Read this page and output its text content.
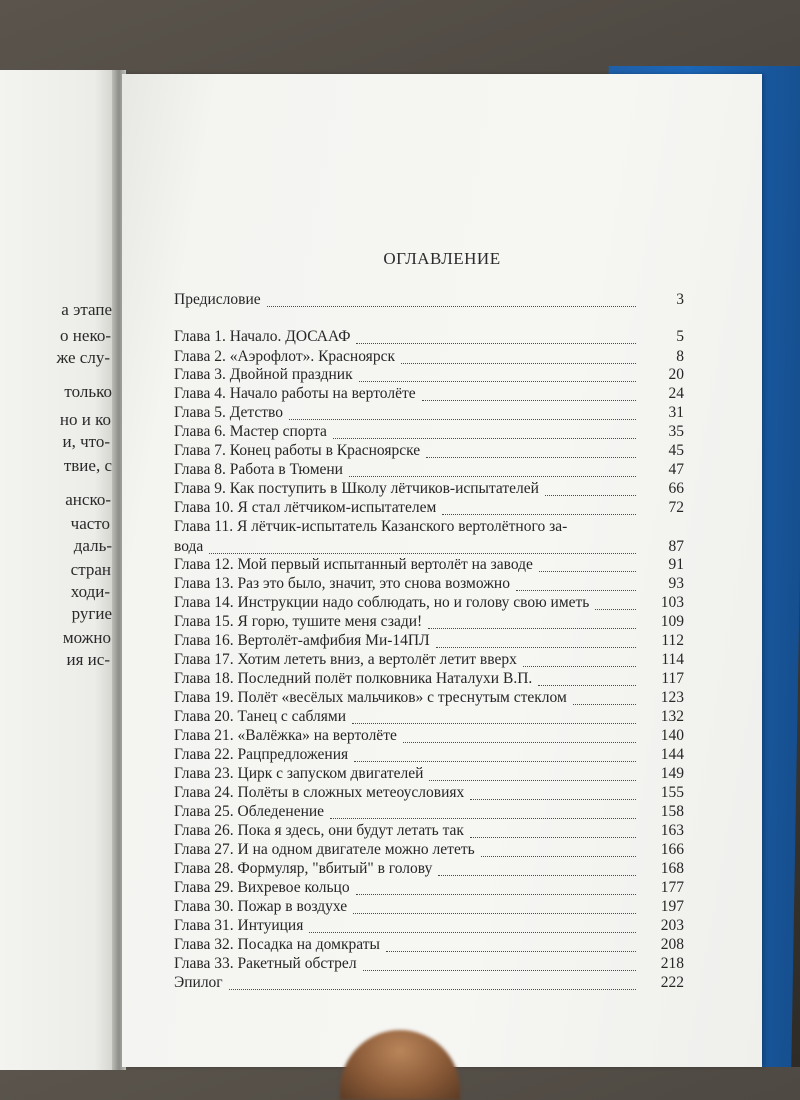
а этапе
о неко-
же слу-
только
но и ко
и, что-
твие, с
анско-
часто
даль-
стран
ходи-
ругие
можно
ия ис-
ОГЛАВЛЕНИЕ
Предисловие	3
Глава 1. Начало. ДОСААФ	5
Глава 2. «Аэрофлот». Красноярск	8
Глава 3. Двойной праздник	20
Глава 4. Начало работы на вертолёте	24
Глава 5. Детство	31
Глава 6. Мастер спорта	35
Глава 7. Конец работы в Красноярске	45
Глава 8. Работа в Тюмени	47
Глава 9. Как поступить в Школу лётчиков-испытателей	66
Глава 10. Я стал лётчиком-испытателем	72
Глава 11. Я лётчик-испытатель Казанского вертолётного за-
вода	87
Глава 12. Мой первый испытанный вертолёт на заводе	91
Глава 13. Раз это было, значит, это снова возможно	93
Глава 14. Инструкции надо соблюдать, но и голову свою иметь	103
Глава 15. Я горю, тушите меня сзади!	109
Глава 16. Вертолёт-амфибия Ми-14ПЛ	112
Глава 17. Хотим лететь вниз, а вертолёт летит вверх	114
Глава 18. Последний полёт полковника Наталухи В.П.	117
Глава 19. Полёт «весёлых мальчиков» с треснутым стеклом	123
Глава 20. Танец с саблями	132
Глава 21. «Валёжка» на вертолёте	140
Глава 22. Рацпредложения	144
Глава 23. Цирк с запуском двигателей	149
Глава 24. Полёты в сложных метеоусловиях	155
Глава 25. Обледенение	158
Глава 26. Пока я здесь, они будут летать так	163
Глава 27. И на одном двигателе можно лететь	166
Глава 28. Формуляр, "вбитый" в голову	168
Глава 29. Вихревое кольцо	177
Глава 30. Пожар в воздухе	197
Глава 31. Интуиция	203
Глава 32. Посадка на домкраты	208
Глава 33. Ракетный обстрел	218
Эпилог	222
